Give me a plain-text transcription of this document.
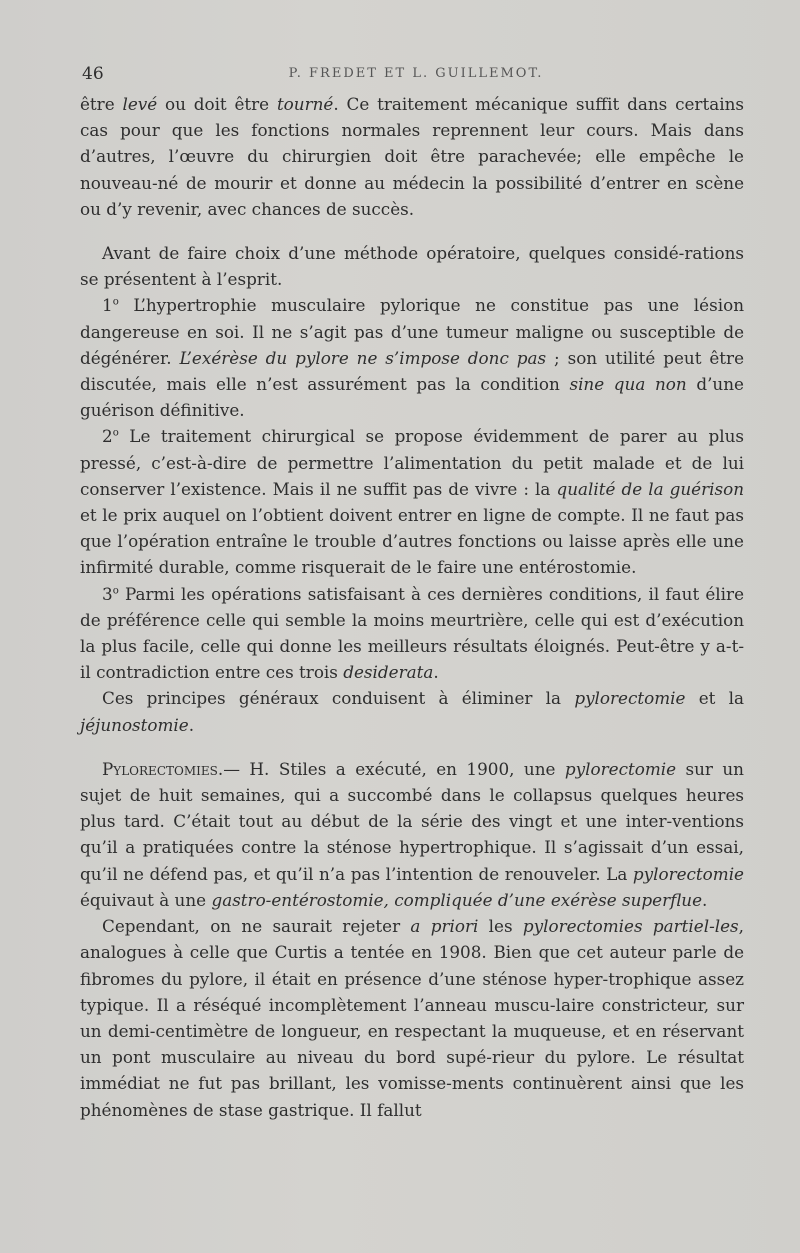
46	P. FREDET ET L. GUILLEMOT.

être levé ou doit être tourné. Ce traitement mécanique suffit dans certains cas pour que les fonctions normales reprennent leur cours. Mais dans d’autres, l’œuvre du chirurgien doit être parachevée; elle empêche le nouveau-né de mourir et donne au médecin la possibilité d’entrer en scène ou d’y revenir, avec chances de succès.

Avant de faire choix d’une méthode opératoire, quelques considé-rations se présentent à l’esprit.

1$^o$ L’hypertrophie musculaire pylorique ne constitue pas une lésion dangereuse en soi. Il ne s’agit pas d’une tumeur maligne ou susceptible de dégénérer. L’exérèse du pylore ne s’impose donc pas ; son utilité peut être discutée, mais elle n’est assurément pas la condition sine qua non d’une guérison définitive.

2$^o$ Le traitement chirurgical se propose évidemment de parer au plus pressé, c’est-à-dire de permettre l’alimentation du petit malade et de lui conserver l’existence. Mais il ne suffit pas de vivre : la qualité de la guérison et le prix auquel on l’obtient doivent entrer en ligne de compte. Il ne faut pas que l’opération entraîne le trouble d’autres fonctions ou laisse après elle une infirmité durable, comme risquerait de le faire une entérostomie.

3$^o$ Parmi les opérations satisfaisant à ces dernières conditions, il faut élire de préférence celle qui semble la moins meurtrière, celle qui est d’exécution la plus facile, celle qui donne les meilleurs résultats éloignés. Peut-être y a-t-il contradiction entre ces trois desiderata.

Ces principes généraux conduisent à éliminer la pylorectomie et la jéjunostomie.

Pylorectomies.— H. Stiles a exécuté, en 1900, une pylorectomie sur un sujet de huit semaines, qui a succombé dans le collapsus quelques heures plus tard. C’était tout au début de la série des vingt et une inter-ventions qu’il a pratiquées contre la sténose hypertrophique. Il s’agissait d’un essai, qu’il ne défend pas, et qu’il n’a pas l’intention de renouveler. La pylorectomie équivaut à une gastro-entérostomie, compliquée d’une exérèse superflue.

Cependant, on ne saurait rejeter a priori les pylorectomies partiel-les, analogues à celle que Curtis a tentée en 1908. Bien que cet auteur parle de fibromes du pylore, il était en présence d’une sténose hyper-trophique assez typique. Il a réséqué incomplètement l’anneau muscu-laire constricteur, sur un demi-centimètre de longueur, en respectant la muqueuse, et en réservant un pont musculaire au niveau du bord supé-rieur du pylore. Le résultat immédiat ne fut pas brillant, les vomisse-ments continuèrent ainsi que les phénomènes de stase gastrique. Il fallut
